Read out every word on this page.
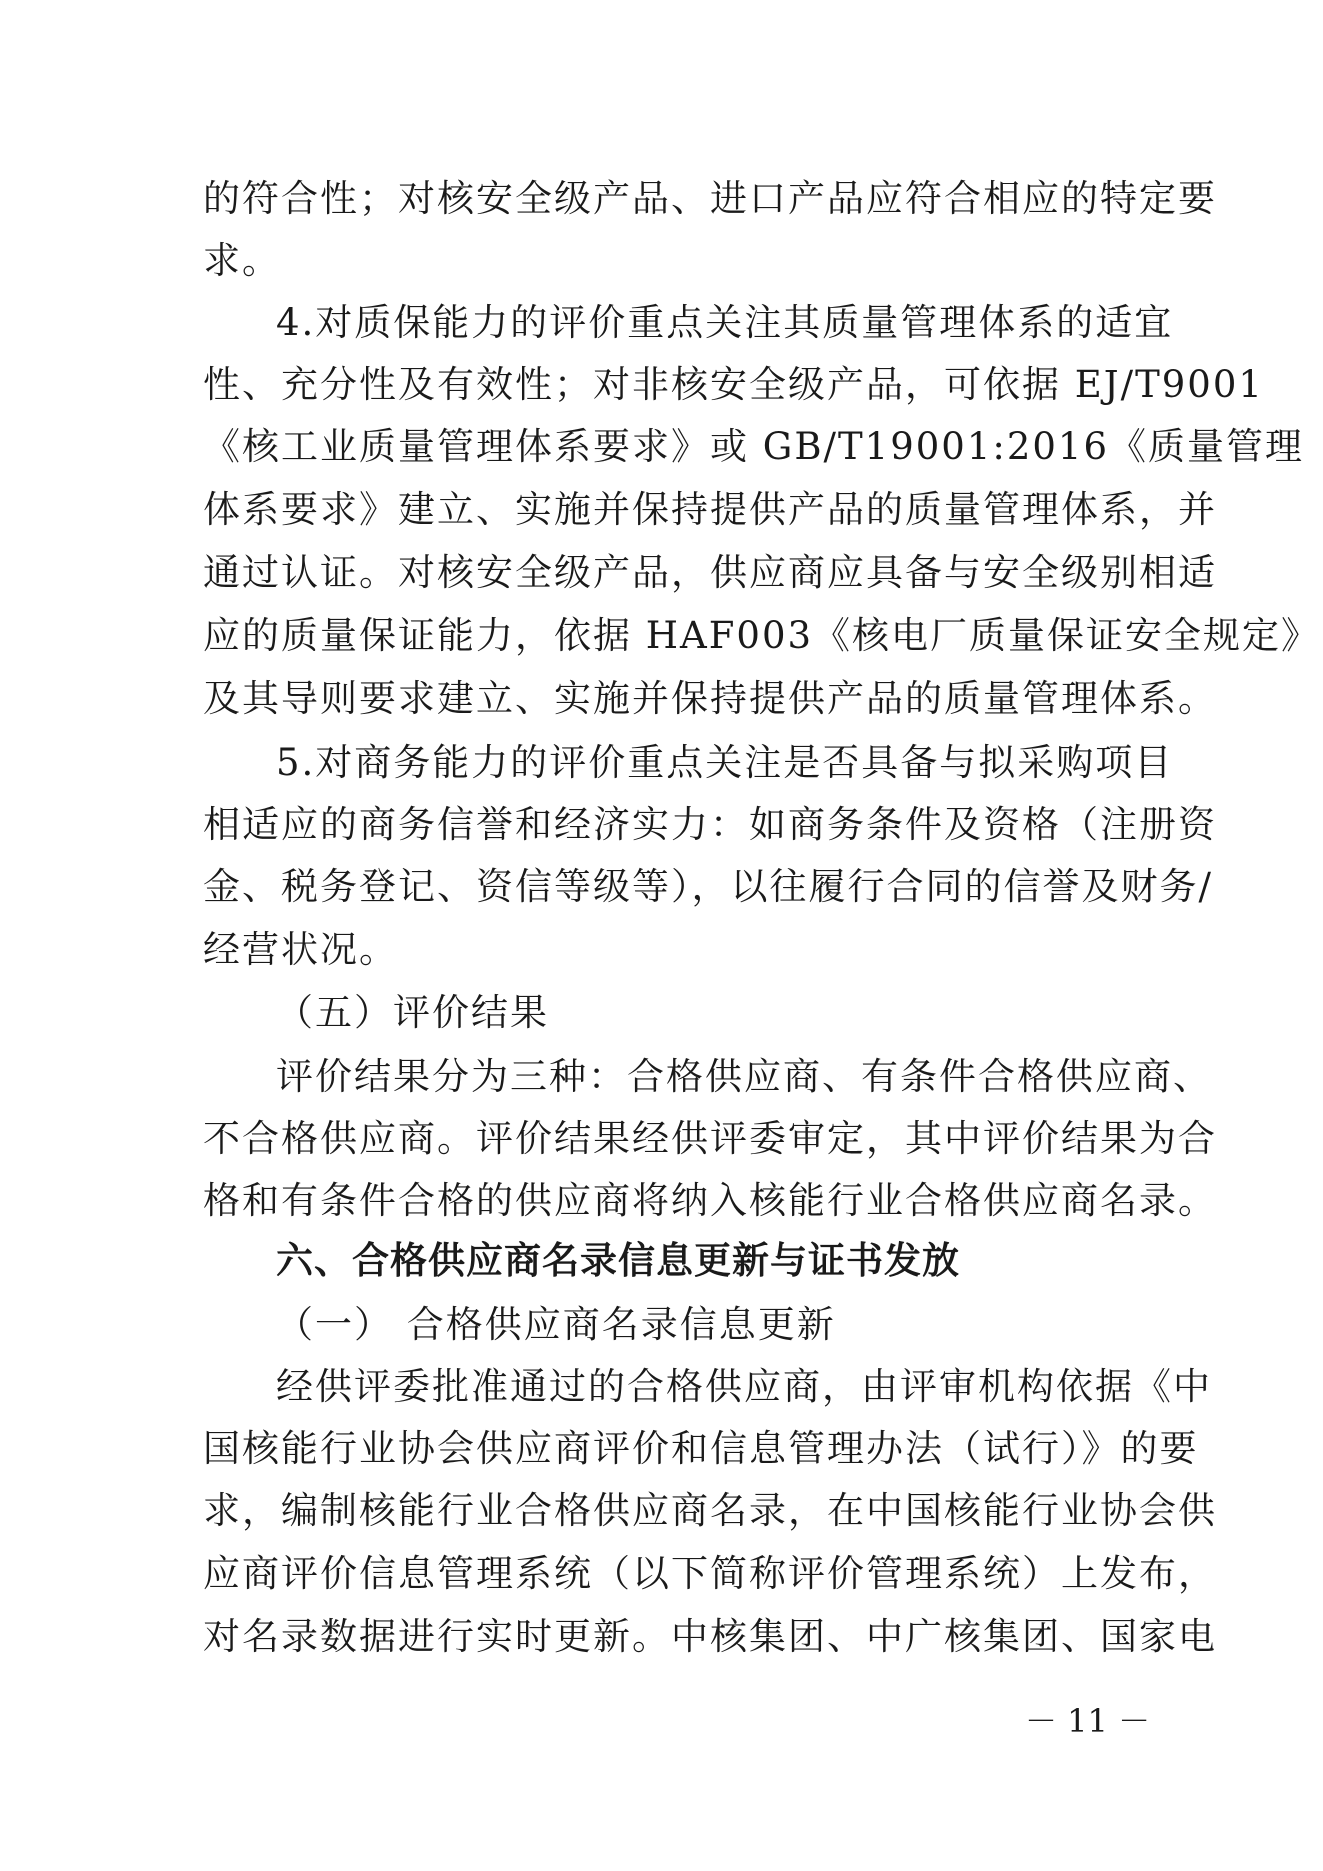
的符合性；对核安全级产品、进口产品应符合相应的特定要
求。
4.对质保能力的评价重点关注其质量管理体系的适宜
性、充分性及有效性；对非核安全级产品，可依据 EJ/T9001
《核工业质量管理体系要求》或 GB/T19001:2016《质量管理
体系要求》建立、实施并保持提供产品的质量管理体系，并
通过认证。对核安全级产品，供应商应具备与安全级别相适
应的质量保证能力，依据 HAF003《核电厂质量保证安全规定》
及其导则要求建立、实施并保持提供产品的质量管理体系。
5.对商务能力的评价重点关注是否具备与拟采购项目
相适应的商务信誉和经济实力：如商务条件及资格（注册资
金、税务登记、资信等级等），以往履行合同的信誉及财务/
经营状况。
（五）评价结果
评价结果分为三种：合格供应商、有条件合格供应商、
不合格供应商。评价结果经供评委审定，其中评价结果为合
格和有条件合格的供应商将纳入核能行业合格供应商名录。
六、合格供应商名录信息更新与证书发放
（一） 合格供应商名录信息更新
经供评委批准通过的合格供应商，由评审机构依据《中
国核能行业协会供应商评价和信息管理办法（试行）》的要
求，编制核能行业合格供应商名录，在中国核能行业协会供
应商评价信息管理系统（以下简称评价管理系统）上发布，
对名录数据进行实时更新。中核集团、中广核集团、国家电
－ 11 －
